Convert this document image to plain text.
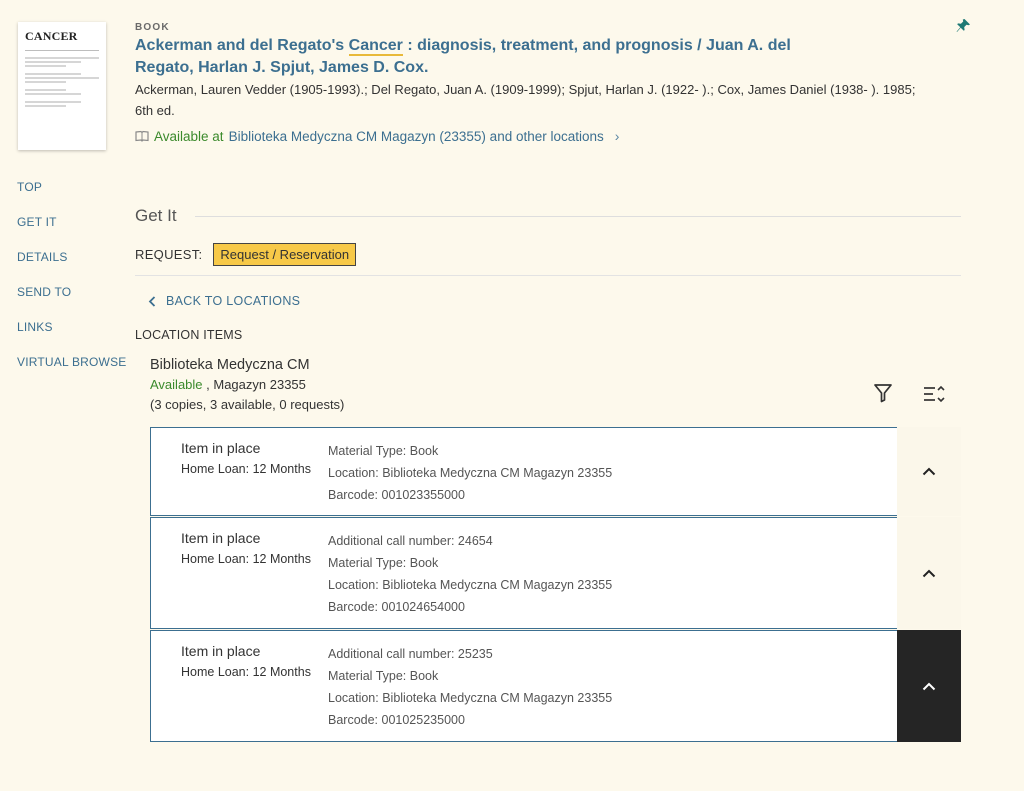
CANCER
BOOK
Ackerman and del Regato's Cancer : diagnosis, treatment, and prognosis / Juan A. del Regato, Harlan J. Spjut, James D. Cox.
Ackerman, Lauren Vedder (1905-1993).; Del Regato, Juan A. (1909-1999); Spjut, Harlan J. (1922- ).; Cox, James Daniel (1938- ). 1985; 6th ed.
Available at Biblioteka Medyczna CM Magazyn (23355) and other locations ›
TOP
GET IT
DETAILS
SEND TO
LINKS
VIRTUAL BROWSE
Get It
REQUEST:	Request / Reservation
BACK TO LOCATIONS
LOCATION ITEMS
Biblioteka Medyczna CM
Available , Magazyn 23355
(3 copies, 3 available, 0 requests)
Item in place
Home Loan: 12 Months
Material Type: Book
Location: Biblioteka Medyczna CM Magazyn 23355
Barcode: 001023355000
Item in place
Home Loan: 12 Months
Additional call number: 24654
Material Type: Book
Location: Biblioteka Medyczna CM Magazyn 23355
Barcode: 001024654000
Item in place
Home Loan: 12 Months
Additional call number: 25235
Material Type: Book
Location: Biblioteka Medyczna CM Magazyn 23355
Barcode: 001025235000
